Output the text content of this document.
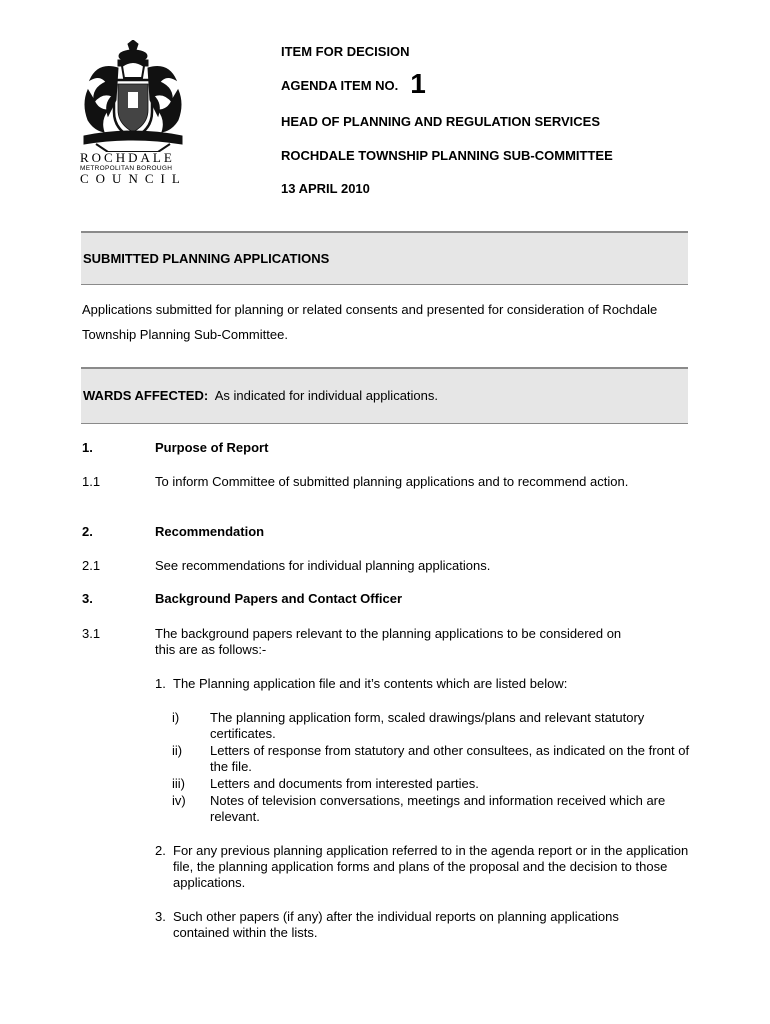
ROCHDALE
METROPOLITAN BOROUGH
COUNCIL
ITEM FOR DECISION
AGENDA ITEM NO. 1
HEAD OF PLANNING AND REGULATION SERVICES
ROCHDALE TOWNSHIP PLANNING SUB-COMMITTEE
13 APRIL 2010
SUBMITTED PLANNING APPLICATIONS
Applications submitted for planning or related consents and presented for consideration of Rochdale Township Planning Sub-Committee.
WARDS AFFECTED: As indicated for individual applications.
1.	Purpose of Report
1.1	To inform Committee of submitted planning applications and to recommend action.
2.	Recommendation
2.1	See recommendations for individual planning applications.
3.	Background Papers and Contact Officer
3.1	The background papers relevant to the planning applications to be considered on this are as follows:-
1. The Planning application file and it’s contents which are listed below:
i)	The planning application form, scaled drawings/plans and relevant statutory certificates.
ii)	Letters of response from statutory and other consultees, as indicated on the front of the file.
iii)	Letters and documents from interested parties.
iv)	Notes of television conversations, meetings and information received which are relevant.
2. For any previous planning application referred to in the agenda report or in the application file, the planning application forms and plans of the proposal and the decision to those applications.
3. Such other papers (if any) after the individual reports on planning applications contained within the lists.
